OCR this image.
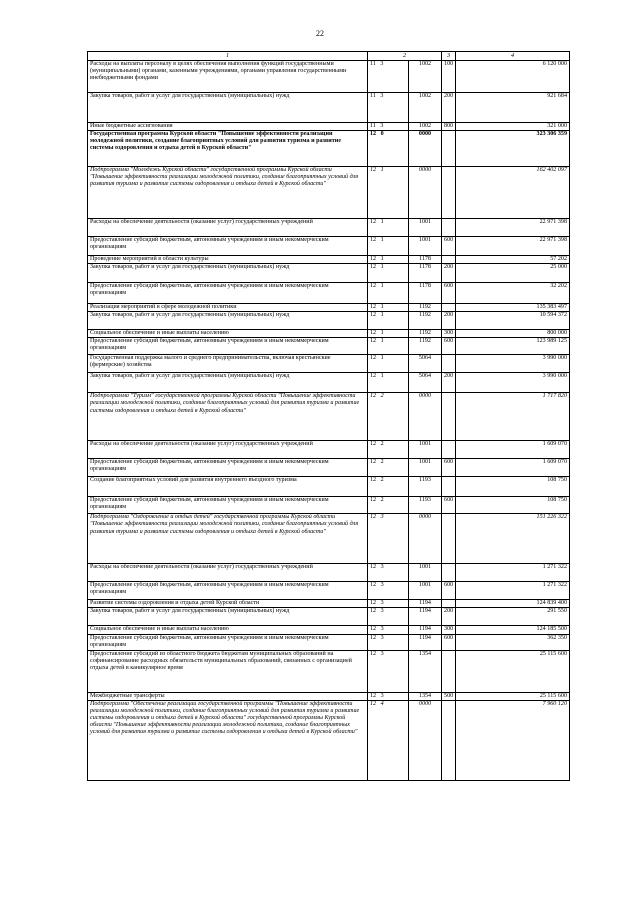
22
1	2		3	4
Расходы на выплаты персоналу в целях обеспечения выполнения функций государственными (муниципальными) органами, казенными учреждениями, органами управления государственными внебюджетными фондами	11 3	1002	100	6 120 000
Закупка товаров, работ и услуг для государственных (муниципальных) нужд	11 3	1002	200	921 684
Иные бюджетные ассигнования	11 3	1002	800	321 000
Государственная программа Курской области "Повышение эффективности реализации молодежной политики, создание благоприятных условий для развития туризма и развитие системы оздоровления и отдыха детей в Курской области"	12 0	0000		323 306 359
Подпрограмма "Молодежь Курской области" государственной программы Курской области "Повышение эффективности реализации молодежной политики, создание благоприятных условий для развития туризма и развитие системы оздоровления и отдыха детей в Курской области"	12 1	0000		162 402 097
Расходы на обеспечение деятельности (оказание услуг) государственных учреждений	12 1	1001		22 971 398
Предоставление субсидий бюджетным, автономным учреждениям и иным некоммерческим организациям	12 1	1001	600	22 971 398
Проведение мероприятий в области культуры	12 1	1178		57 202
Закупка товаров, работ и услуг для государственных (муниципальных) нужд	12 1	1178	200	25 000
Предоставление субсидий бюджетным, автономным учреждениям и иным некоммерческим организациям	12 1	1178	600	32 202
Реализация мероприятий в сфере молодежной политики	12 1	1192		135 383 497
Закупка товаров, работ и услуг для государственных (муниципальных) нужд	12 1	1192	200	10 594 372
Социальное обеспечение и иные выплаты населению	12 1	1192	300	800 000
Предоставление субсидий бюджетным, автономным учреждениям и иным некоммерческим организациям	12 1	1192	600	123 989 125
Государственная поддержка малого и среднего предпринимательства, включая крестьянские (фермерские) хозяйства	12 1	5064		3 990 000
Закупка товаров, работ и услуг для государственных (муниципальных) нужд	12 1	5064	200	3 990 000
Подпрограмма "Туризм" государственной программы Курской области "Повышение эффективности реализации молодежной политики, создание благоприятных условий для развития туризма и развитие системы оздоровления и отдыха детей в Курской области"	12 2	0000		1 717 820
Расходы на обеспечение деятельности (оказание услуг) государственных учреждений	12 2	1001		1 609 070
Предоставление субсидий бюджетным, автономным учреждениям и иным некоммерческим организациям	12 2	1001	600	1 609 070
Создание благоприятных условий для развития внутреннего въездного туризма	12 2	1193		108 750
Предоставление субсидий бюджетным, автономным учреждениям и иным некоммерческим организациям	12 2	1193	600	108 750
Подпрограмма "Оздоровление и отдых детей" государственной программы Курской области "Повышение эффективности реализации молодежной политики, создание благоприятных условий для развития туризма и развитие системы оздоровления и отдыха детей в Курской области"	12 3	0000		151 226 322
Расходы на обеспечение деятельности (оказание услуг) государственных учреждений	12 3	1001		1 271 322
Предоставление субсидий бюджетным, автономным учреждениям и иным некоммерческим организациям	12 3	1001	600	1 271 322
Развитие системы оздоровления и отдыха детей Курской области	12 3	1194		124 839 400
Закупка товаров, работ и услуг для государственных (муниципальных) нужд	12 3	1194	200	291 550
Социальное обеспечение и иные выплаты населению	12 3	1194	300	124 185 500
Предоставление субсидий бюджетным, автономным учреждениям и иным некоммерческим организациям	12 3	1194	600	362 350
Предоставление субсидий из областного бюджета бюджетам муниципальных образований на софинансирование расходных обязательств муниципальных образований, связанных с организацией отдыха детей в каникулярное время	12 3	1354		25 115 600
Межбюджетные трансферты	12 3	1354	500	25 115 600
Подпрограмма "Обеспечение реализации государственной программы "Повышение эффективности реализации молодежной политики, создание благоприятных условий для развития туризма и развитие системы оздоровления и отдыха детей в Курской области" государственной программы Курской области "Повышение эффективности реализации молодежной политики, создание благоприятных условий для развития туризма и развитие системы оздоровления и отдыха детей в Курской области"	12 4	0000		7 960 120
